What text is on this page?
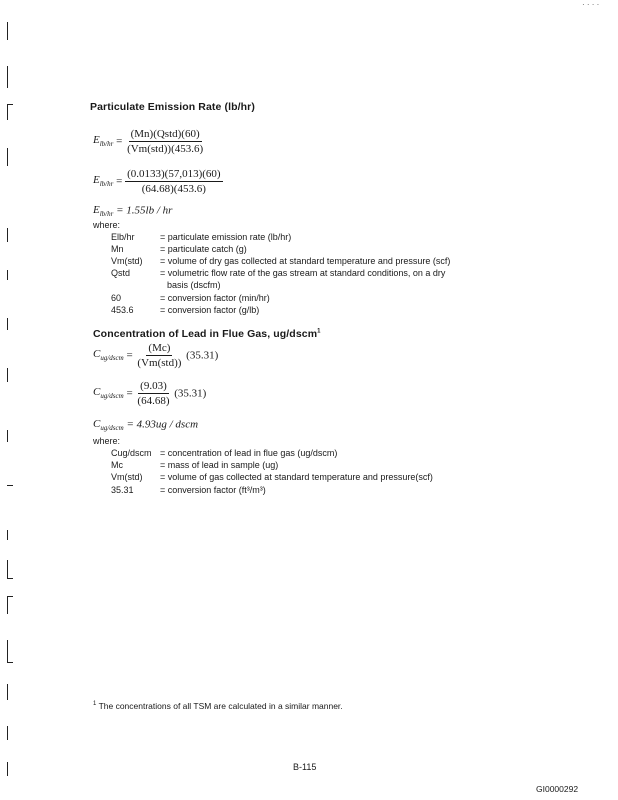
· · · ·
Particulate Emission Rate (lb/hr)
$E_{lb/hr} = \frac{\text{(Mn)(Qstd)(60)}}{\text{(Vm(std))(453.6)}}$
$E_{lb/hr} = \frac{(0.0133)(57,013)(60)}{(64.68)(453.6)}$
$E_{lb/hr} = 1.55lb$ / hr
where:
Elb/hr	= particulate emission rate (lb/hr)
Mn	= particulate catch (g)
Vm(std) = volume of dry gas collected at standard temperature and pressure (scf)
Qstd	= volumetric flow rate of the gas stream at standard conditions, on a dry
basis (dscfm)
60	= conversion factor (min/hr)
453.6	= conversion factor (g/lb)
Concentration of Lead in Flue Gas, ug/dscm$^1$
$C_{ug/dscm} = \frac{(Mc)}{\text{(Vm(std))}} (35.31)$
$C_{ug/dscm} = \frac{(9.03)}{(64.68)} (35.31)$
$C_{ug/dscm} = 4.93ug$ / dscm
where:
Cug/dscm = concentration of lead in flue gas (ug/dscm)
Mc	= mass of lead in sample (ug)
Vm(std) = volume of gas collected at standard temperature and pressure(scf)
35.31	= conversion factor (ft³/m³)
$^1$ The concentrations of all TSM are calculated in a similar manner.
B-115
GI0000292
